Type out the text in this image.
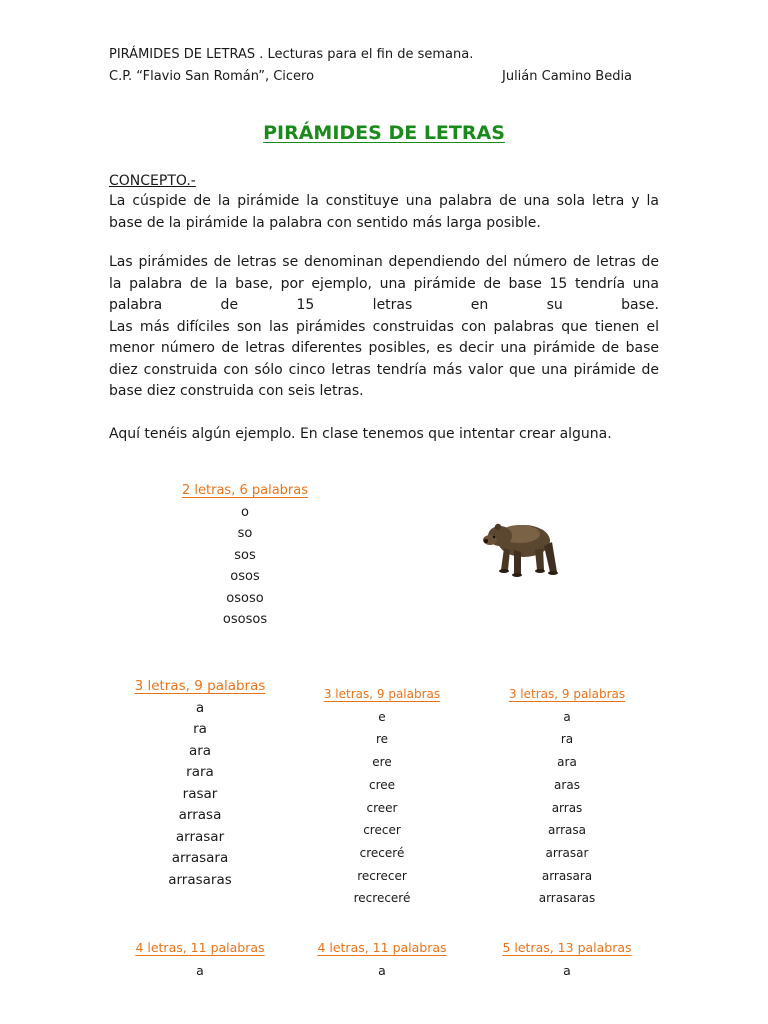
PIRÁMIDES DE LETRAS . Lecturas para el fin de semana.
C.P. “Flavio San Román”, Cicero	Julián Camino Bedia
PIRÁMIDES DE LETRAS
CONCEPTO.-
La cúspide de la pirámide la constituye una palabra de una sola letra y la
base de la pirámide la palabra con sentido más larga posible.
Las pirámides de letras se denominan dependiendo del número de letras de
la palabra de la base, por ejemplo, una pirámide de base 15 tendría una
palabra de 15 letras en su base.
Las más difíciles son las pirámides construidas con palabras que tienen el
menor número de letras diferentes posibles, es decir una pirámide de base
diez construida con sólo cinco letras tendría más valor que una pirámide de
base diez construida con seis letras.
Aquí tenéis algún ejemplo. En clase tenemos que intentar crear alguna.
2 letras, 6 palabras
o
so
sos
osos
ososo
ososos
3 letras, 9 palabras
a
ra
ara
rara
rasar
arrasa
arrasar
arrasara
arrasaras
3 letras, 9 palabras
e
re
ere
cree
creer
crecer
creceré
recrecer
recreceré
3 letras, 9 palabras
a
ra
ara
aras
arras
arrasa
arrasar
arrasara
arrasaras
4 letras, 11 palabras
a
4 letras, 11 palabras
a
5 letras, 13 palabras
a
